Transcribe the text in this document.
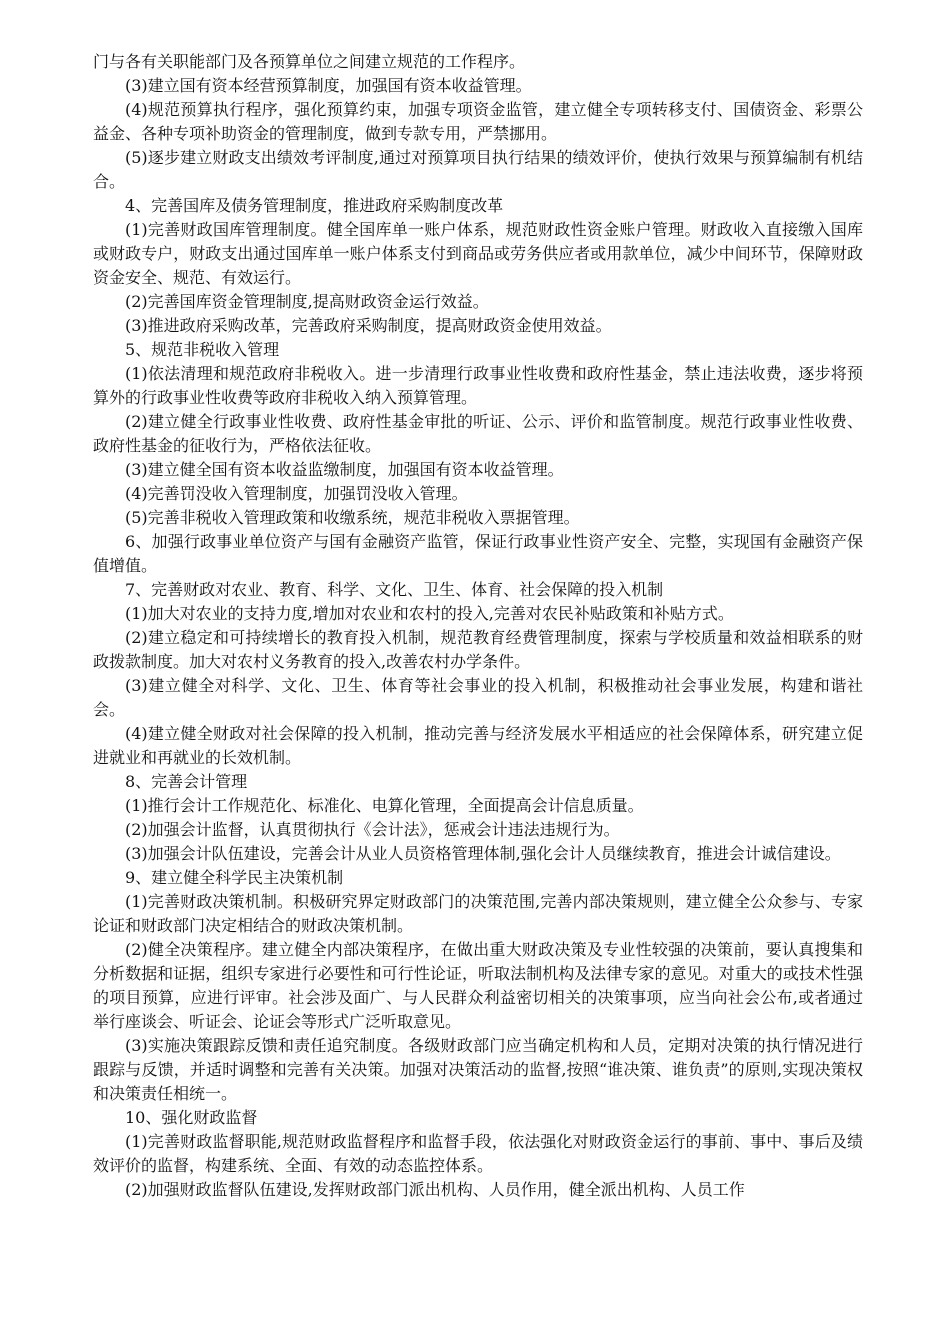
门与各有关职能部门及各预算单位之间建立规范的工作程序。

(3)建立国有资本经营预算制度，加强国有资本收益管理。

(4)规范预算执行程序，强化预算约束，加强专项资金监管，建立健全专项转移支付、国债资金、彩票公益金、各种专项补助资金的管理制度，做到专款专用，严禁挪用。

(5)逐步建立财政支出绩效考评制度,通过对预算项目执行结果的绩效评价，使执行效果与预算编制有机结合。

4、完善国库及债务管理制度，推进政府采购制度改革

(1)完善财政国库管理制度。健全国库单一账户体系，规范财政性资金账户管理。财政收入直接缴入国库或财政专户，财政支出通过国库单一账户体系支付到商品或劳务供应者或用款单位，减少中间环节，保障财政资金安全、规范、有效运行。

(2)完善国库资金管理制度,提高财政资金运行效益。

(3)推进政府采购改革，完善政府采购制度，提高财政资金使用效益。

5、规范非税收入管理

(1)依法清理和规范政府非税收入。进一步清理行政事业性收费和政府性基金，禁止违法收费，逐步将预算外的行政事业性收费等政府非税收入纳入预算管理。

(2)建立健全行政事业性收费、政府性基金审批的听证、公示、评价和监管制度。规范行政事业性收费、政府性基金的征收行为，严格依法征收。

(3)建立健全国有资本收益监缴制度，加强国有资本收益管理。

(4)完善罚没收入管理制度，加强罚没收入管理。

(5)完善非税收入管理政策和收缴系统，规范非税收入票据管理。

6、加强行政事业单位资产与国有金融资产监管，保证行政事业性资产安全、完整，实现国有金融资产保值增值。

7、完善财政对农业、教育、科学、文化、卫生、体育、社会保障的投入机制

(1)加大对农业的支持力度,增加对农业和农村的投入,完善对农民补贴政策和补贴方式。

(2)建立稳定和可持续增长的教育投入机制，规范教育经费管理制度，探索与学校质量和效益相联系的财政拨款制度。加大对农村义务教育的投入,改善农村办学条件。

(3)建立健全对科学、文化、卫生、体育等社会事业的投入机制，积极推动社会事业发展，构建和谐社会。

(4)建立健全财政对社会保障的投入机制，推动完善与经济发展水平相适应的社会保障体系，研究建立促进就业和再就业的长效机制。

8、完善会计管理

(1)推行会计工作规范化、标准化、电算化管理，全面提高会计信息质量。

(2)加强会计监督，认真贯彻执行《会计法》，惩戒会计违法违规行为。

(3)加强会计队伍建设，完善会计从业人员资格管理体制,强化会计人员继续教育，推进会计诚信建设。

9、建立健全科学民主决策机制

(1)完善财政决策机制。积极研究界定财政部门的决策范围,完善内部决策规则，建立健全公众参与、专家论证和财政部门决定相结合的财政决策机制。

(2)健全决策程序。建立健全内部决策程序，在做出重大财政决策及专业性较强的决策前，要认真搜集和分析数据和证据，组织专家进行必要性和可行性论证，听取法制机构及法律专家的意见。对重大的或技术性强的项目预算，应进行评审。社会涉及面广、与人民群众利益密切相关的决策事项，应当向社会公布,或者通过举行座谈会、听证会、论证会等形式广泛听取意见。

(3)实施决策跟踪反馈和责任追究制度。各级财政部门应当确定机构和人员，定期对决策的执行情况进行跟踪与反馈，并适时调整和完善有关决策。加强对决策活动的监督,按照“谁决策、谁负责”的原则,实现决策权和决策责任相统一。

10、强化财政监督

(1)完善财政监督职能,规范财政监督程序和监督手段，依法强化对财政资金运行的事前、事中、事后及绩效评价的监督，构建系统、全面、有效的动态监控体系。

(2)加强财政监督队伍建设,发挥财政部门派出机构、人员作用，健全派出机构、人员工作
